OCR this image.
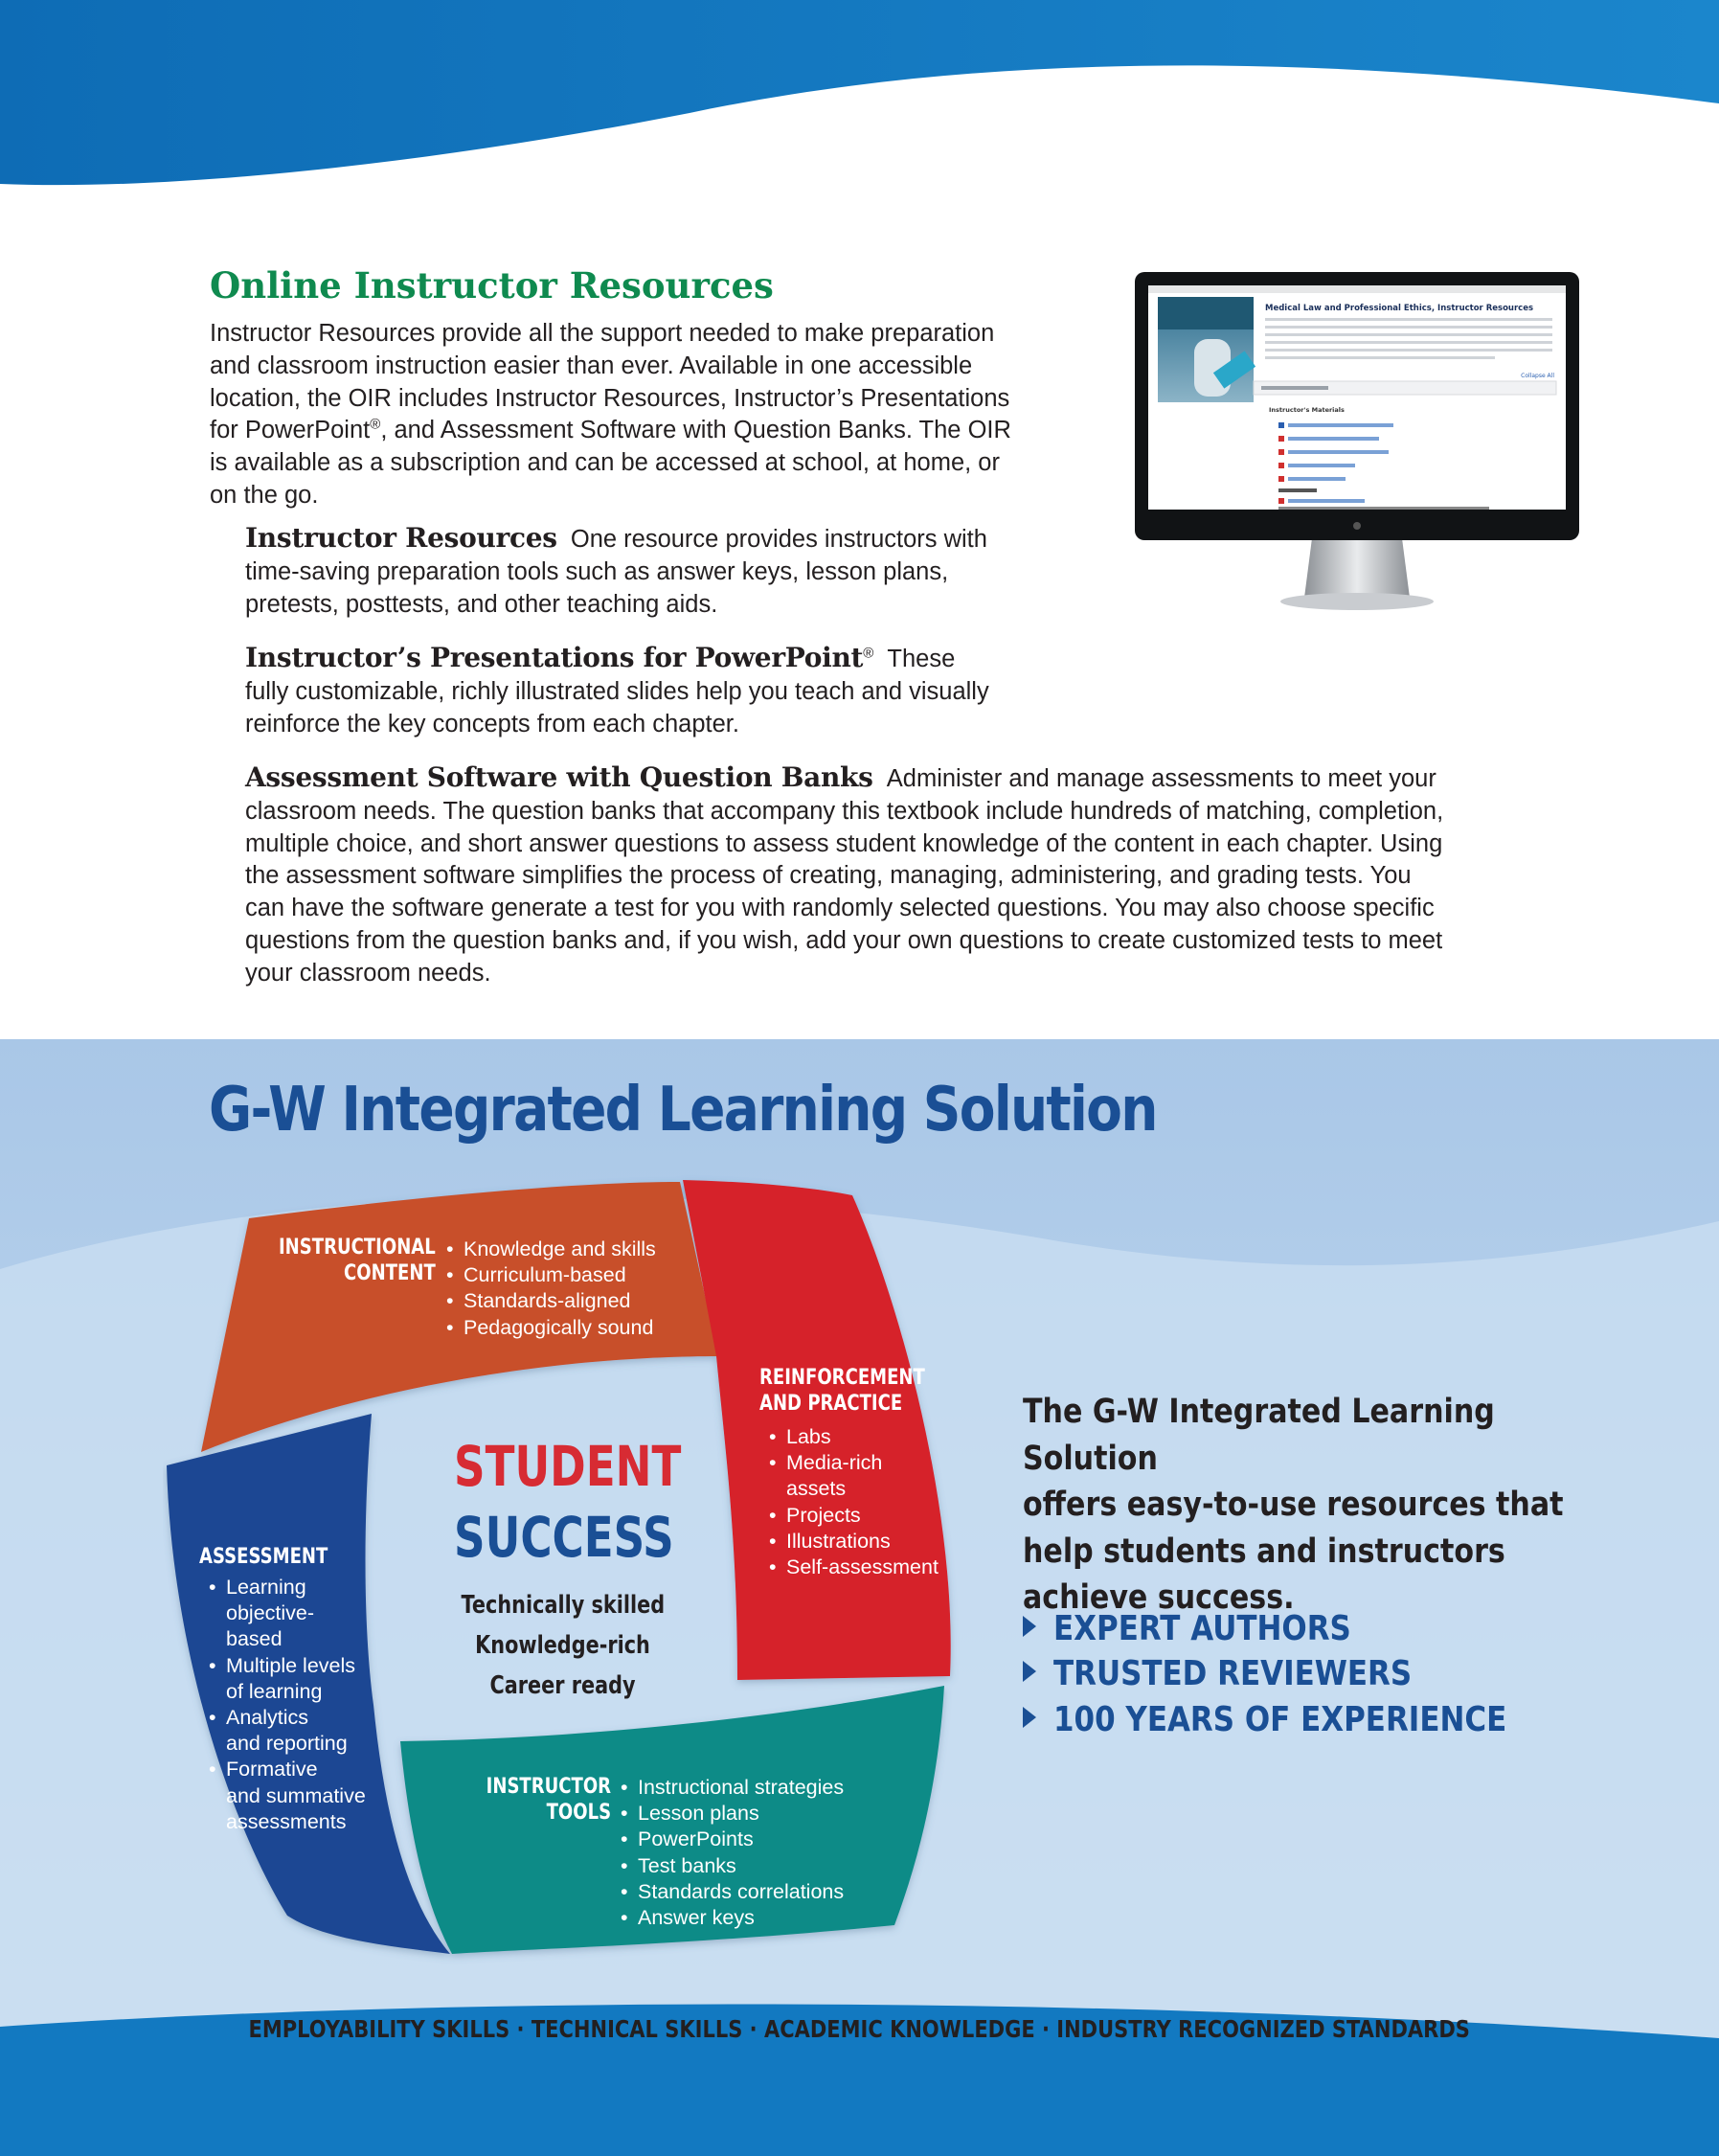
Online Instructor Resources

Instructor Resources provide all the support needed to make preparation
and classroom instruction easier than ever. Available in one accessible
location, the OIR includes Instructor Resources, Instructor’s Presentations
for PowerPoint®, and Assessment Software with Question Banks. The OIR
is available as a subscription and can be accessed at school, at home, or
on the go.

Instructor Resources One resource provides instructors with
time-saving preparation tools such as answer keys, lesson plans,
pretests, posttests, and other teaching aids.

Instructor’s Presentations for PowerPoint® These
fully customizable, richly illustrated slides help you teach and visually
reinforce the key concepts from each chapter.

Assessment Software with Question Banks Administer and manage assessments to meet your
classroom needs. The question banks that accompany this textbook include hundreds of matching, completion,
multiple choice, and short answer questions to assess student knowledge of the content in each chapter. Using
the assessment software simplifies the process of creating, managing, administering, and grading tests. You
can have the software generate a test for you with randomly selected questions. You may also choose specific
questions from the question banks and, if you wish, add your own questions to create customized tests to meet
your classroom needs.

Medical Law and Professional Ethics, Instructor Resources
Collapse All
Instructor's Materials
G-W Integrated Learning Solution
INSTRUCTIONAL
CONTENT
• Knowledge and skills
• Curriculum-based
• Standards-aligned
• Pedagogically sound
REINFORCEMENT
AND PRACTICE
• Labs
• Media-rich
assets
• Projects
• Illustrations
• Self-assessment
ASSESSMENT
• Learning
objective-
based
• Multiple levels
of learning
• Analytics
and reporting
• Formative
and summative
assessments
INSTRUCTOR
TOOLS
• Instructional strategies
• Lesson plans
• PowerPoints
• Test banks
• Standards correlations
• Answer keys
STUDENT
SUCCESS
Technically skilled
Knowledge-rich
Career ready
The G-W Integrated Learning Solution
offers easy-to-use resources that
help students and instructors
achieve success.
EXPERT AUTHORS
TRUSTED REVIEWERS
100 YEARS OF EXPERIENCE
EMPLOYABILITY SKILLS · TECHNICAL SKILLS · ACADEMIC KNOWLEDGE · INDUSTRY RECOGNIZED STANDARDS
